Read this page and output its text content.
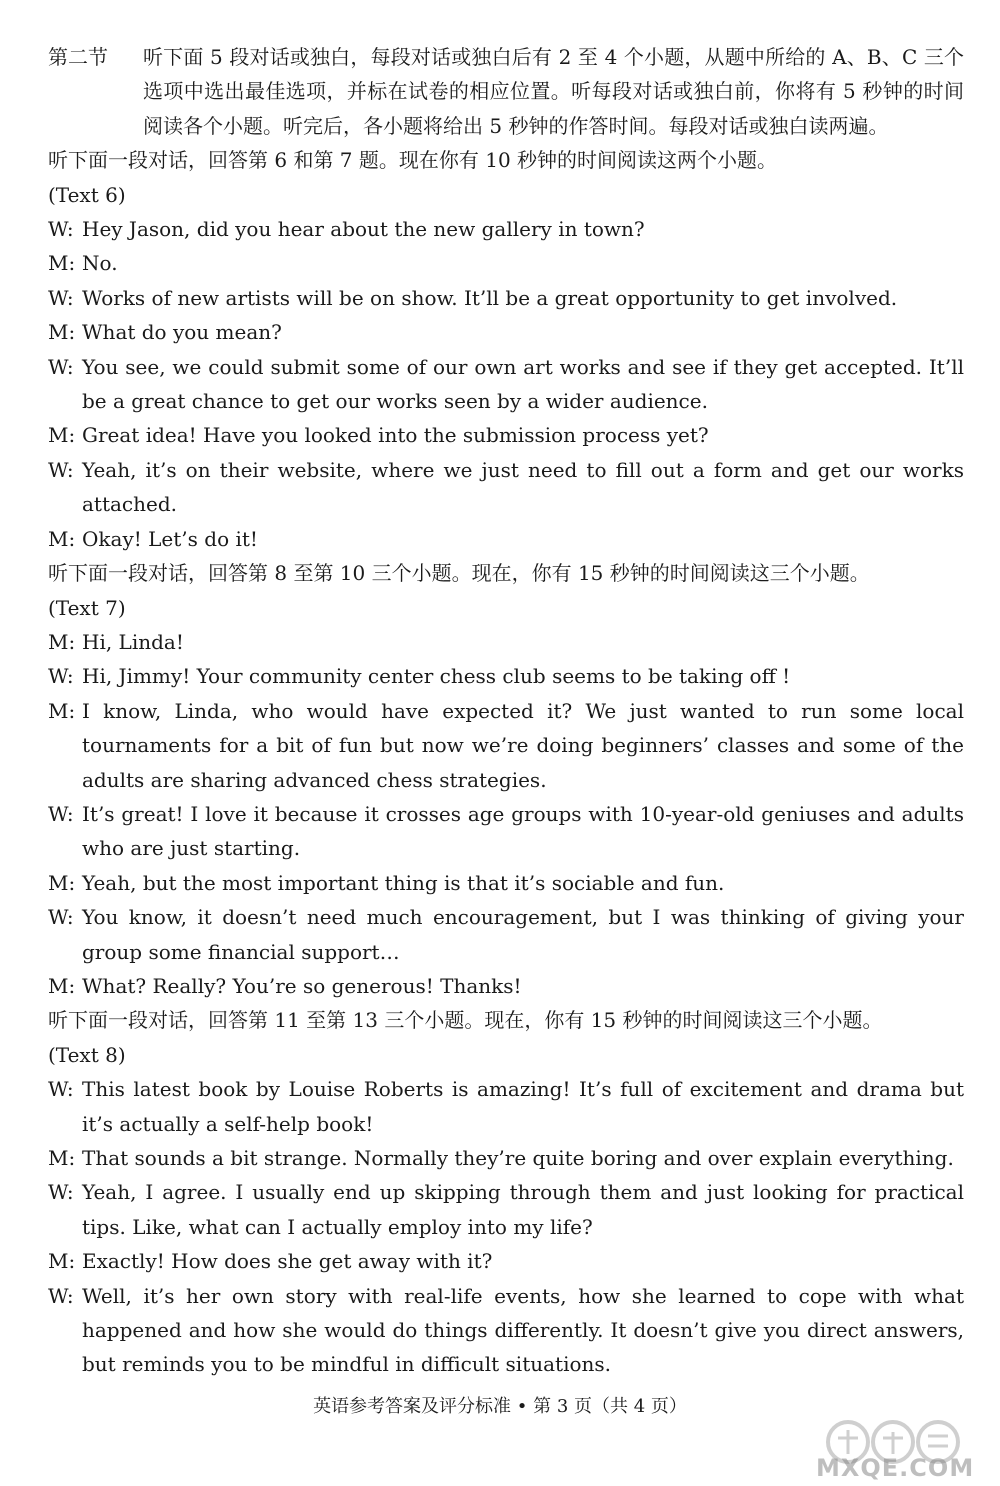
第二节	听下面 5 段对话或独白，每段对话或独白后有 2 至 4 个小题，从题中所给的 A、B、C 三个选项中选出最佳选项，并标在试卷的相应位置。听每段对话或独白前，你将有 5 秒钟的时间阅读各个小题。听完后，各小题将给出 5 秒钟的作答时间。每段对话或独白读两遍。

听下面一段对话，回答第 6 和第 7 题。现在你有 10 秒钟的时间阅读这两个小题。

(Text 6)

W: Hey Jason, did you hear about the new gallery in town?

M: No.

W: Works of new artists will be on show. It’ll be a great opportunity to get involved.

M: What do you mean?

W: You see, we could submit some of our own art works and see if they get accepted. It’ll be a great chance to get our works seen by a wider audience.

M: Great idea! Have you looked into the submission process yet?

W: Yeah, it’s on their website, where we just need to fill out a form and get our works attached.

M: Okay! Let’s do it!

听下面一段对话，回答第 8 至第 10 三个小题。现在，你有 15 秒钟的时间阅读这三个小题。

(Text 7)

M: Hi, Linda!

W: Hi, Jimmy! Your community center chess club seems to be taking off !

M: I know, Linda, who would have expected it? We just wanted to run some local tournaments for a bit of fun but now we’re doing beginners’ classes and some of the adults are sharing advanced chess strategies.

W: It’s great! I love it because it crosses age groups with 10-year-old geniuses and adults who are just starting.

M: Yeah, but the most important thing is that it’s sociable and fun.

W: You know, it doesn’t need much encouragement, but I was thinking of giving your group some financial support…

M: What? Really? You’re so generous! Thanks!

听下面一段对话，回答第 11 至第 13 三个小题。现在，你有 15 秒钟的时间阅读这三个小题。

(Text 8)

W: This latest book by Louise Roberts is amazing! It’s full of excitement and drama but it’s actually a self-help book!

M: That sounds a bit strange. Normally they’re quite boring and over explain everything.

W: Yeah, I agree. I usually end up skipping through them and just looking for practical tips. Like, what can I actually employ into my life?

M: Exactly! How does she get away with it?

W: Well, it’s her own story with real-life events, how she learned to cope with what happened and how she would do things differently. It doesn’t give you direct answers, but reminds you to be mindful in difficult situations.

英语参考答案及评分标准 • 第 3 页（共 4 页）
MXQE.COM
